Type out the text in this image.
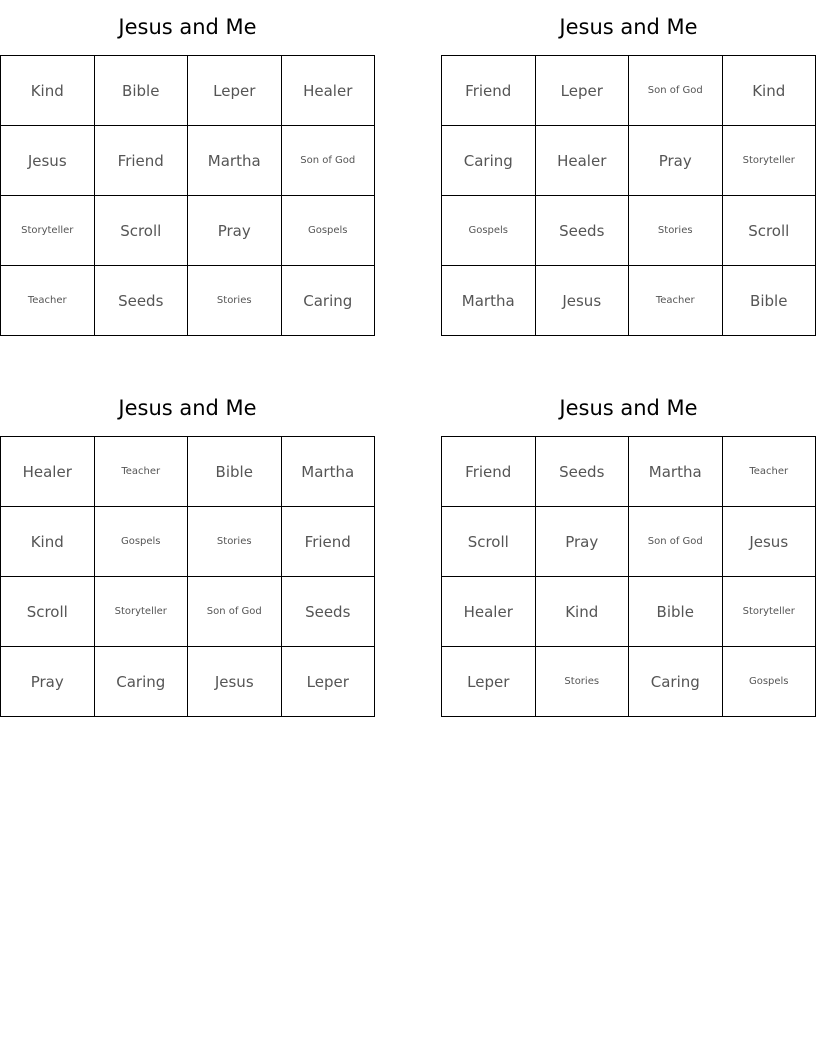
Jesus and Me
Kind	Bible	Leper	Healer
Jesus	Friend	Martha	Son of God
Storyteller	Scroll	Pray	Gospels
Teacher	Seeds	Stories	Caring
Jesus and Me
Friend	Leper	Son of God	Kind
Caring	Healer	Pray	Storyteller
Gospels	Seeds	Stories	Scroll
Martha	Jesus	Teacher	Bible
Jesus and Me
Healer	Teacher	Bible	Martha
Kind	Gospels	Stories	Friend
Scroll	Storyteller	Son of God	Seeds
Pray	Caring	Jesus	Leper
Jesus and Me
Friend	Seeds	Martha	Teacher
Scroll	Pray	Son of God	Jesus
Healer	Kind	Bible	Storyteller
Leper	Stories	Caring	Gospels
